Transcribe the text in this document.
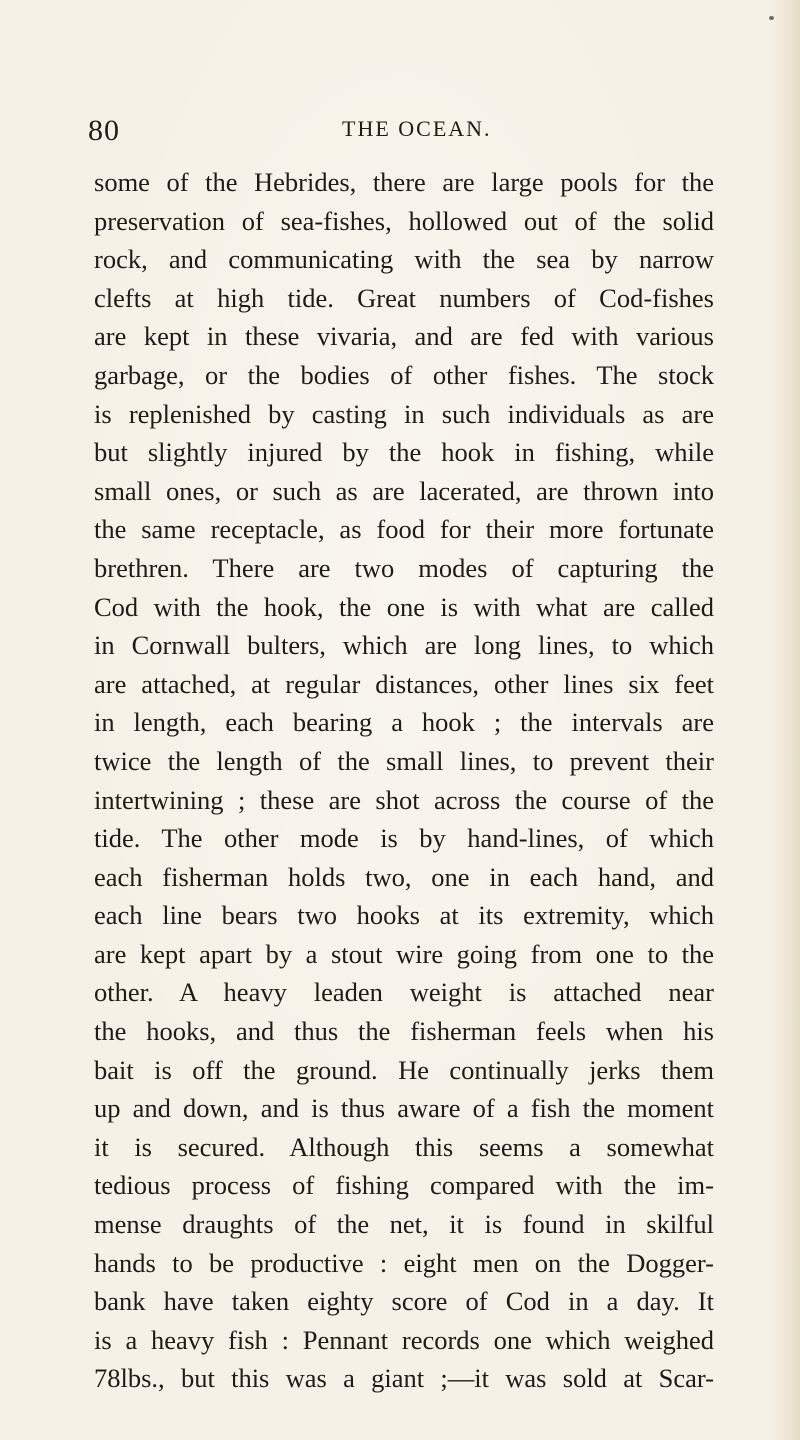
80	THE OCEAN.
some of the Hebrides, there are large pools for the
preservation of sea-fishes, hollowed out of the solid
rock, and communicating with the sea by narrow
clefts at high tide. Great numbers of Cod-fishes
are kept in these vivaria, and are fed with various
garbage, or the bodies of other fishes. The stock
is replenished by casting in such individuals as are
but slightly injured by the hook in fishing, while
small ones, or such as are lacerated, are thrown into
the same receptacle, as food for their more fortunate
brethren. There are two modes of capturing the
Cod with the hook, the one is with what are called
in Cornwall bulters, which are long lines, to which
are attached, at regular distances, other lines six feet
in length, each bearing a hook ; the intervals are
twice the length of the small lines, to prevent their
intertwining ; these are shot across the course of the
tide. The other mode is by hand-lines, of which
each fisherman holds two, one in each hand, and
each line bears two hooks at its extremity, which
are kept apart by a stout wire going from one to the
other. A heavy leaden weight is attached near
the hooks, and thus the fisherman feels when his
bait is off the ground. He continually jerks them
up and down, and is thus aware of a fish the moment
it is secured. Although this seems a somewhat
tedious process of fishing compared with the im-
mense draughts of the net, it is found in skilful
hands to be productive : eight men on the Dogger-
bank have taken eighty score of Cod in a day. It
is a heavy fish : Pennant records one which weighed
78lbs., but this was a giant ;—it was sold at Scar-
